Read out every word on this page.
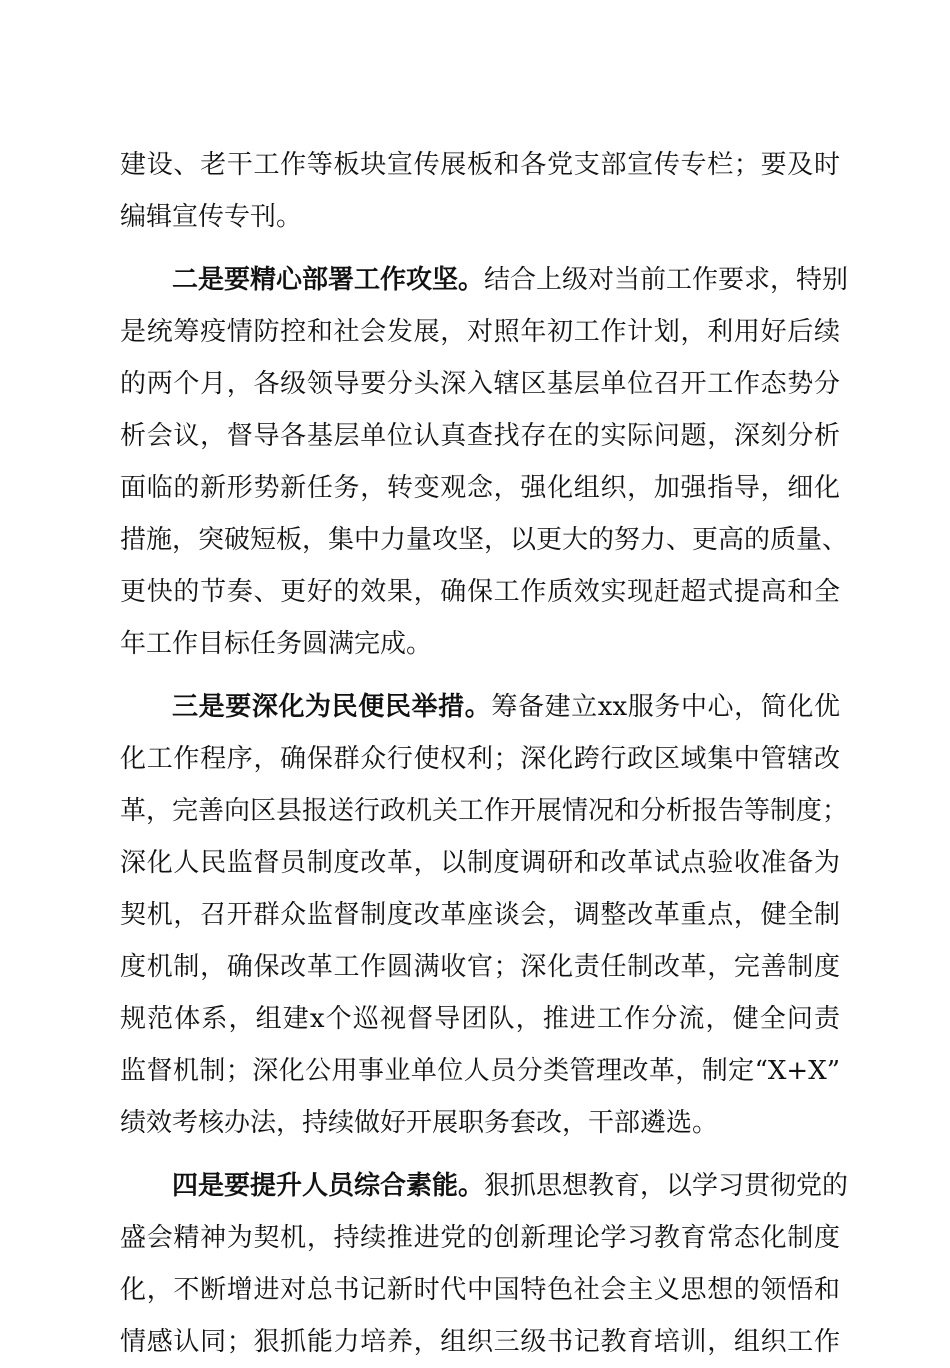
建设、老干工作等板块宣传展板和各党支部宣传专栏；要及时
编辑宣传专刊。
二是要精心部署工作攻坚。结合上级对当前工作要求，特别
是统筹疫情防控和社会发展，对照年初工作计划，利用好后续
的两个月，各级领导要分头深入辖区基层单位召开工作态势分
析会议，督导各基层单位认真查找存在的实际问题，深刻分析
面临的新形势新任务，转变观念，强化组织，加强指导，细化
措施，突破短板，集中力量攻坚，以更大的努力、更高的质量、
更快的节奏、更好的效果，确保工作质效实现赶超式提高和全
年工作目标任务圆满完成。
三是要深化为民便民举措。筹备建立xx服务中心，简化优
化工作程序，确保群众行使权利；深化跨行政区域集中管辖改
革，完善向区县报送行政机关工作开展情况和分析报告等制度；
深化人民监督员制度改革，以制度调研和改革试点验收准备为
契机，召开群众监督制度改革座谈会，调整改革重点，健全制
度机制，确保改革工作圆满收官；深化责任制改革，完善制度
规范体系，组建x个巡视督导团队，推进工作分流，健全问责
监督机制；深化公用事业单位人员分类管理改革，制定“X+X”
绩效考核办法，持续做好开展职务套改，干部遴选。
四是要提升人员综合素能。狠抓思想教育，以学习贯彻党的
盛会精神为契机，持续推进党的创新理论学习教育常态化制度
化，不断增进对总书记新时代中国特色社会主义思想的领悟和
情感认同；狠抓能力培养，组织三级书记教育培训，组织工作
